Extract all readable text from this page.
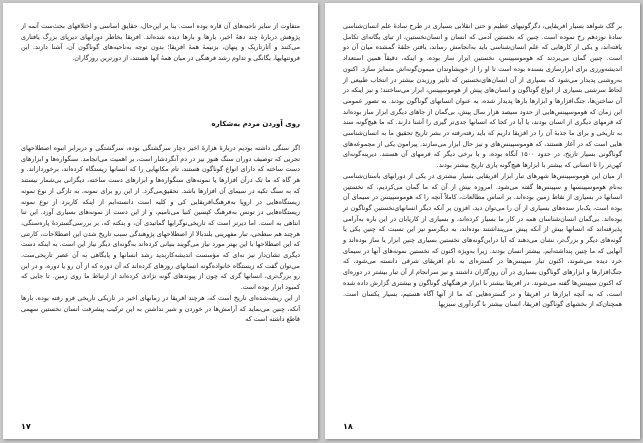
متفاوت از سایر ناحیه‌های آن قاره بوده است. بنا بر این‌حال، حقایق اساسی و اختلافهای بحث‌ست آنمه از پژوهش دربارۀ چند دهۀ اخیر، بارها و بارها دیده شده‌اند. افریقا بخاطر دورانهای دیرپای بزرگ یافتاری می‌کنند و آثارتاریک و پنهان، بزنیمهٔ همهٔ افریقا؛ بدون توجه به‌ناحیه‌های گوناگون آن، آشنا دارند. این فروتنهایها، یگانگی و تداوم رشد فرهنگی در میان همهٔ آنها هستند، از دورترین روزگاران.
روی آوردن مردم به‌شکاره
اگر سنگی داشته بودیم دربارۀ هزارۀ اخیر دچار سرگشتگی بوده، سرگشتگی و دربرابر انبوه اصطلاحهای تجربی که توصیف دوران سنگ هنوز نیز در دم آنگردشار است، بر اهمیت می‌انجامد. سنگواره‌ها و ابزارهای دست ساخته که دارای انواع گوناگون هستند، تام مکانهایی را که انسانها زیستگاه کرده‌اند، برخورداراند. و هر گاه که ما تک درآن افزارها یا نمونه‌های سنگواره‌ها و ابزارهای دست ساخته، دیگرانی بی‌شمار نیستند که به سنگ تکیه در سیمای آن افزارها باشد. تحقیق‌می‌گرد. از این رو برای نمونه، به تازگی از نوع نمونه زیستگاه‌هایی در اروپا به‌فرهنگ‌افریقایی کی‌ و کلیه است دانسته‌ایم از اینکه کاربرد از نوع نمونه زیستگاه‌هایی در تونس به‌فرهنگ کپسین کنیا می‌نامیم، و از این دست از نمونه‌های بسیاری آورد. این تنا انتاهی به است. اما دیرتر است که تاریخی‌نوگرایها گمانیدی آن، و بنکته که، بر بررسی‌گستردۀ پاره‌سنگی، هرچند هم سطحی، تبار مفهرینی بلندبالا از اصطلاحهای پژوهندگی سبب تاریخ شدن این اصطلاحات، کارتنی که این اصطلاحها با این بهتر مورد نیاز می‌گویند بنیانی کرده‌اند به‌گونه‌ای دیگر نیاز این است، به اینکه دست دیگری تشان‌دار نیز نه‌ای که مؤسست اندیشه‌کاربدید رشد انسانها و پایگاهی به آن عصر تاریخی‌ست. می‌توان گفت که زیستگاه خانواده‌گونه انسانهای روزهای کرده‌اند که آن دوره که از آن رو یا دوره، و در این رو بزرگ‌تری، انسانها گری که چون از پیوندهای گونه نژادی کرده‌اند از ارتباط ما روی زمین. تا جایی که کمبود ابزار بوده است.
از این ریشه‌شده‌ای تاریخ است که، هرچند افریقا در زمانهای اخیر در تاریکی تاریخی فرو رفته بوده، بارها آنکه، چنین می‌نماید که آرامش‌ها در خوردن و شیر نداشتن به این ترکیب پیشرفت انسان نخستین سهمی قاطع داشته است که
۱۷
بر گک شواهد بسیار افریقایی، دگرگونیهای عظیم و حتی انقلابی بسیاری در طرح سادهٔ علم انسان‌شناسی سادهٔ نوزدهم رخ نموده است. چنین که نخستین آدمی که انسان و انسان‌نخستین، از تبای یگانه‌ای تکامل یافته‌اند، و یکی از کارهایی که علم انسان‌شناسی باید به‌انجامش رساند، یافتن حلقهٔ گمشده میان آن دو است. چنین گمان می‌بردند که هوموسپینس، نخستین ابزار ساز بوده، و اینکه، دقیقاً همین استعداد اندیشه‌ورزی برای ابزارسازی بسنده بوده است تا او را از خویشاوندان میمون‌گونه‌اش متمایز سازد. اکنون به‌روشنی پدیدار می‌شود که بسیاری از آن انسان‌های‌نخستین که تأثیر ورزیدن بیشتر در انتخاب طبیعی از لحاظ سرشتی بسیاری از انواع گوناگون و انسان‌های پیش از هوموسپینس، ابزار می‌ساختند؛ و نیز اینکه در آن ساختن‌ها، جنگ‌افزارها و ابزارها بارها پدیدار شده، به عنوان انسانهای گوناگون بودند. به تصور عمومی این زمان که هوموسپینس‌هایی از حدود سیصد هزار سال پیش، بی‌گمان از جاهای دیگری ابزار ساز بوده‌اند که فرمهای دیگری از انسان بودند، یا آیا در کجا که انسانها جدی‌تر گیری را آشنا دارند. که ما هیچ‌گونه سند به تاریخی و برای ما جذبهٔ آن را در افریقا داریم که باید رفته‌رفته در بشر تاریخ تحقیق ما به انسان‌شناسی هایی است که در آغاز هستند، که هوموسپینس‌های و نیز حال ابزار می‌سازند. پیرامون یکی از مجموعه‌های گوناگونی بسیار تاریخ، در حدود ۱۵۰۰ آنگاه بوده، و با برخی دیگر که فرمهای آن هستند. دیرینه‌گونه‌ای کهن‌تر را تا انسانی که بیشتر با ابزارها هیچ‌گونه یاری تاریخ بیشتر بودند.
از میان این هوموسپینس‌ها شهرهای تبار ابزار افریقایی بسیار بیشتری در یکی از دورانهای باستان‌شناسی به‌نام هوموسپینسها و سپینس‌ها گفته می‌شود. امروزه بیش از آن که ما گمان می‌کردیم، که نخستین انسانها در بسیاری از نقاط زمین بوده‌اند. بر اساس مطالعات، کاملاً آنچه را که هوموسپینس در سیمای آن بوده است، یک‌بار سده‌های بسیاری از آن را می‌توان دید، افزون بر آنکه دیگر انسانهای‌نخستین گوناگون تر بوده‌اند. بی‌گمان انسان‌شناسان همه در کار ما بسیار کرده‌اند، و بسیاری از کاریابان در این باره به‌آرامی پذیرفته‌اند که انسانها بیش از آنکه پیش می‌پنداشتند بوده‌اند، به دیگرسو نیز این نسبت که چنین یکی یا گونه‌های دیگر و بزرگ‌تر، نشان می‌دهند که آیا دراین‌گونه‌های نخستین بسیاری چنین ابزار یا ساز بوده‌اند و آنهایی که ما چنین پنداشته‌ایم، بیشتر انسان بودند. زیرا به‌ویژه اکنون که نخستین نمونه‌های آنها در سیمای خرد دیده می‌شوند، اکنون تبار سپینس‌ها در گستره‌ای به نام افریقای شرقی دانسته می‌شود، که جنگ‌افزارها و ابزارهای گوناگون بسیاری در آن روزگاران داشتند و نیز سرانجام از آن تبار بیشتر در دوره‌ای که اکنون سپینس‌ها گفته می‌شوند. در افریقا بیشتر با ابزار فرهنگهای گوناگون و بیشتری گزارش داده شده است، که به آنچه ابزارها در افریقا و در گستره‌هایی که ما از آنها آگاه هستیم، بسیار یکسان است. همچنان‌که از بخشهای گوناگون افریقا، انسان بیشتر با گردآوری سبزیها
۱۸
